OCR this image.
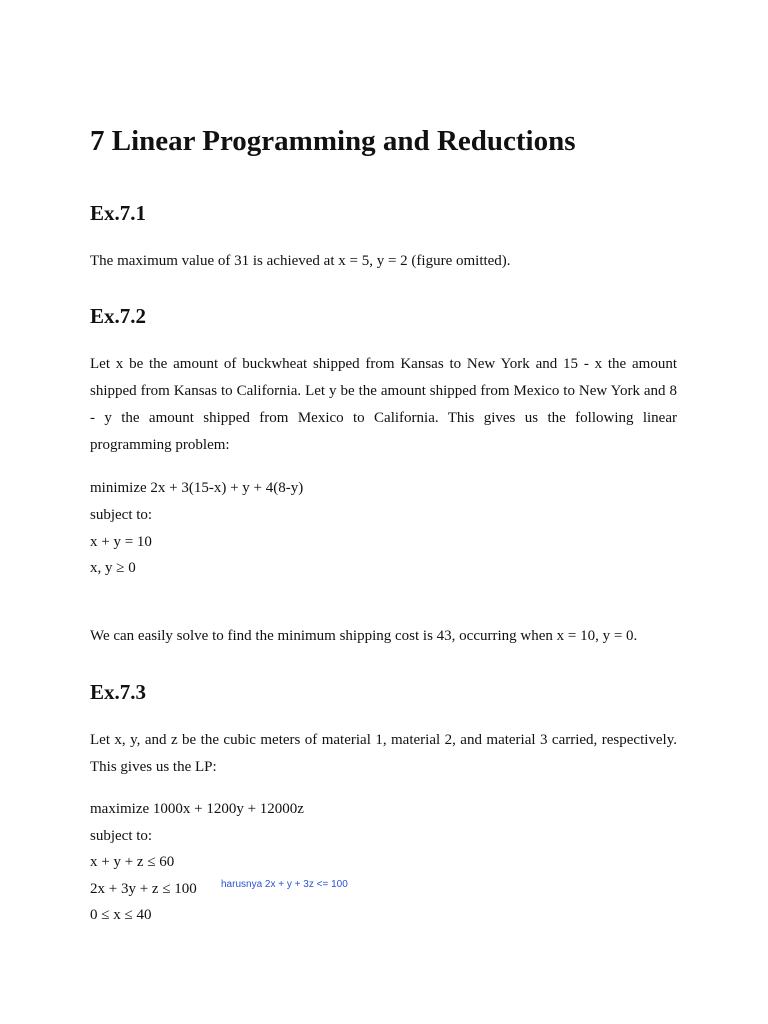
7 Linear Programming and Reductions
Ex.7.1

The maximum value of 31 is achieved at x = 5, y = 2 (figure omitted).

Ex.7.2

Let x be the amount of buckwheat shipped from Kansas to New York and 15 - x the amount shipped from Kansas to California. Let y be the amount shipped from Mexico to New York and 8 - y the amount shipped from Mexico to California. This gives us the following linear programming problem:

minimize 2x + 3(15-x) + y + 4(8-y)
subject to:
x + y = 10
x, y ≥ 0

We can easily solve to find the minimum shipping cost is 43, occurring when x = 10, y = 0.

Ex.7.3

Let x, y, and z be the cubic meters of material 1, material 2, and material 3 carried, respectively. This gives us the LP:

maximize 1000x + 1200y + 12000z
subject to:
x + y + z ≤ 60
2x + 3y + z ≤ 100
0 ≤ x ≤ 40
harusnya 2x + y + 3z <= 100
